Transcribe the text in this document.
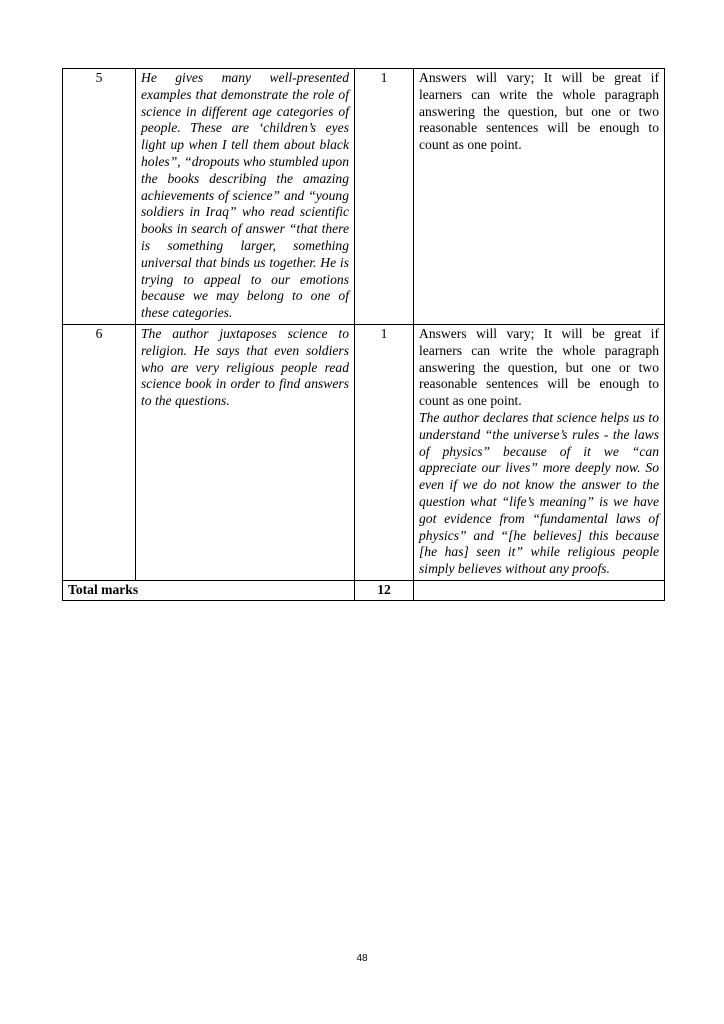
5	He gives many well-presented examples that demonstrate the role of science in different age categories of people. These are ‘children’s eyes light up when I tell them about black holes”, “dropouts who stumbled upon the books describing the amazing achievements of science” and “young soldiers in Iraq” who read scientific books in search of answer “that there is something larger, something universal that binds us together. He is trying to appeal to our emotions because we may belong to one of these categories.	1	Answers will vary; It will be great if learners can write the whole paragraph answering the question, but one or two reasonable sentences will be enough to count as one point.
6	The author juxtaposes science to religion. He says that even soldiers who are very religious people read science book in order to find answers to the questions.	1	Answers will vary; It will be great if learners can write the whole paragraph answering the question, but one or two reasonable sentences will be enough to count as one point.
The author declares that science helps us to understand “the universe’s rules - the laws of physics” because of it we “can appreciate our lives” more deeply now. So even if we do not know the answer to the question what “life’s meaning” is we have got evidence from “fundamental laws of physics” and “[he believes] this because [he has] seen it” while religious people simply believes without any proofs.

Total marks		12	
48
